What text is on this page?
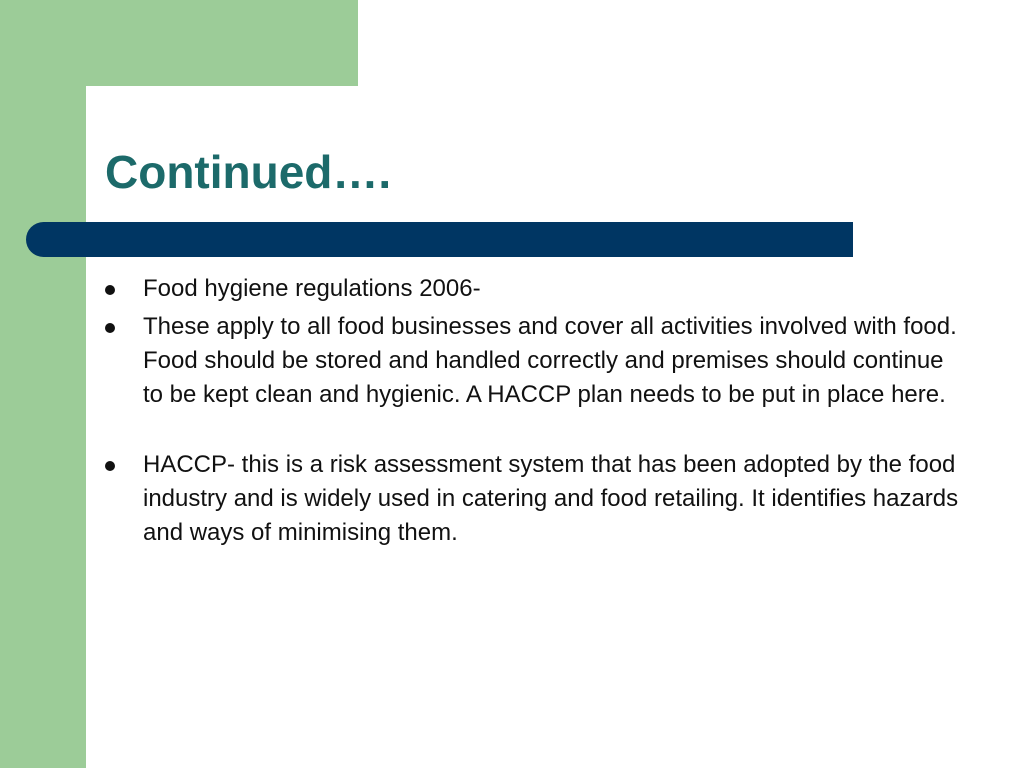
Continued….
Food hygiene regulations 2006-
These apply to all food businesses and cover all activities involved with food. Food should be stored and handled correctly and premises should continue to be kept clean and hygienic. A HACCP plan needs to be put in place here.
HACCP- this is a risk assessment system that has been adopted by the food industry and is widely used in catering and food retailing. It identifies hazards and ways of minimising them.
